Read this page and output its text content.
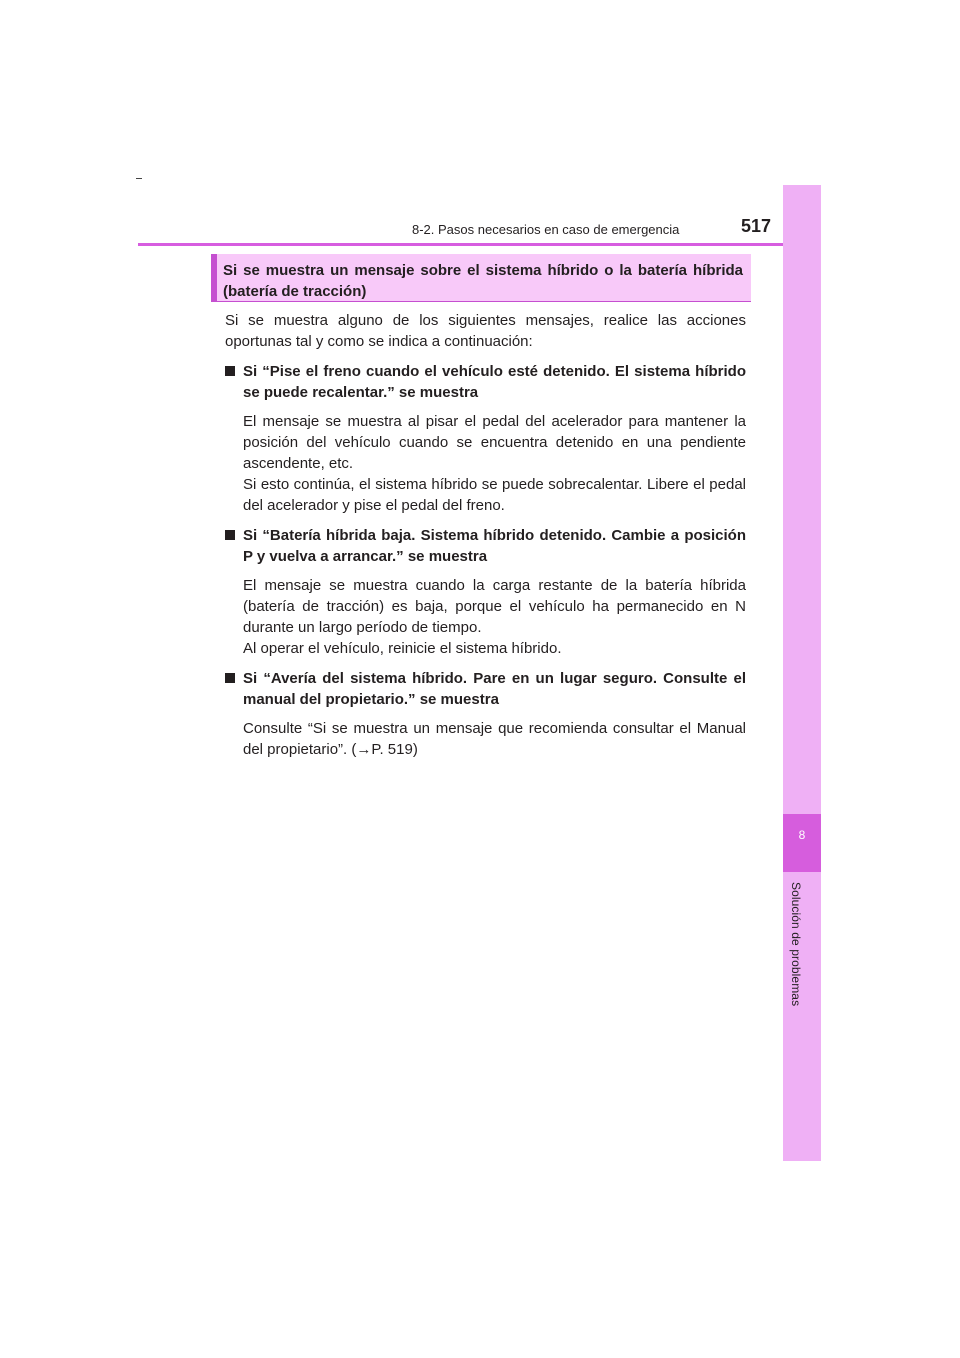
8-2. Pasos necesarios en caso de emergencia	517
8
Solución de problemas
Si se muestra un mensaje sobre el sistema híbrido o la batería híbrida (batería de tracción)

Si se muestra alguno de los siguientes mensajes, realice las acciones oportunas tal y como se indica a continuación:

Si “Pise el freno cuando el vehículo esté detenido. El sistema híbrido se puede recalentar.” se muestra

El mensaje se muestra al pisar el pedal del acelerador para mantener la posición del vehículo cuando se encuentra detenido en una pendiente ascendente, etc.

Si esto continúa, el sistema híbrido se puede sobrecalentar. Libere el pedal del acelerador y pise el pedal del freno.

Si “Batería híbrida baja. Sistema híbrido detenido. Cambie a posición P y vuelva a arrancar.” se muestra

El mensaje se muestra cuando la carga restante de la batería híbrida (batería de tracción) es baja, porque el vehículo ha permanecido en N durante un largo período de tiempo.

Al operar el vehículo, reinicie el sistema híbrido.

Si “Avería del sistema híbrido. Pare en un lugar seguro. Consulte el manual del propietario.” se muestra

Consulte “Si se muestra un mensaje que recomienda consultar el Manual del propietario”. (→P. 519)
